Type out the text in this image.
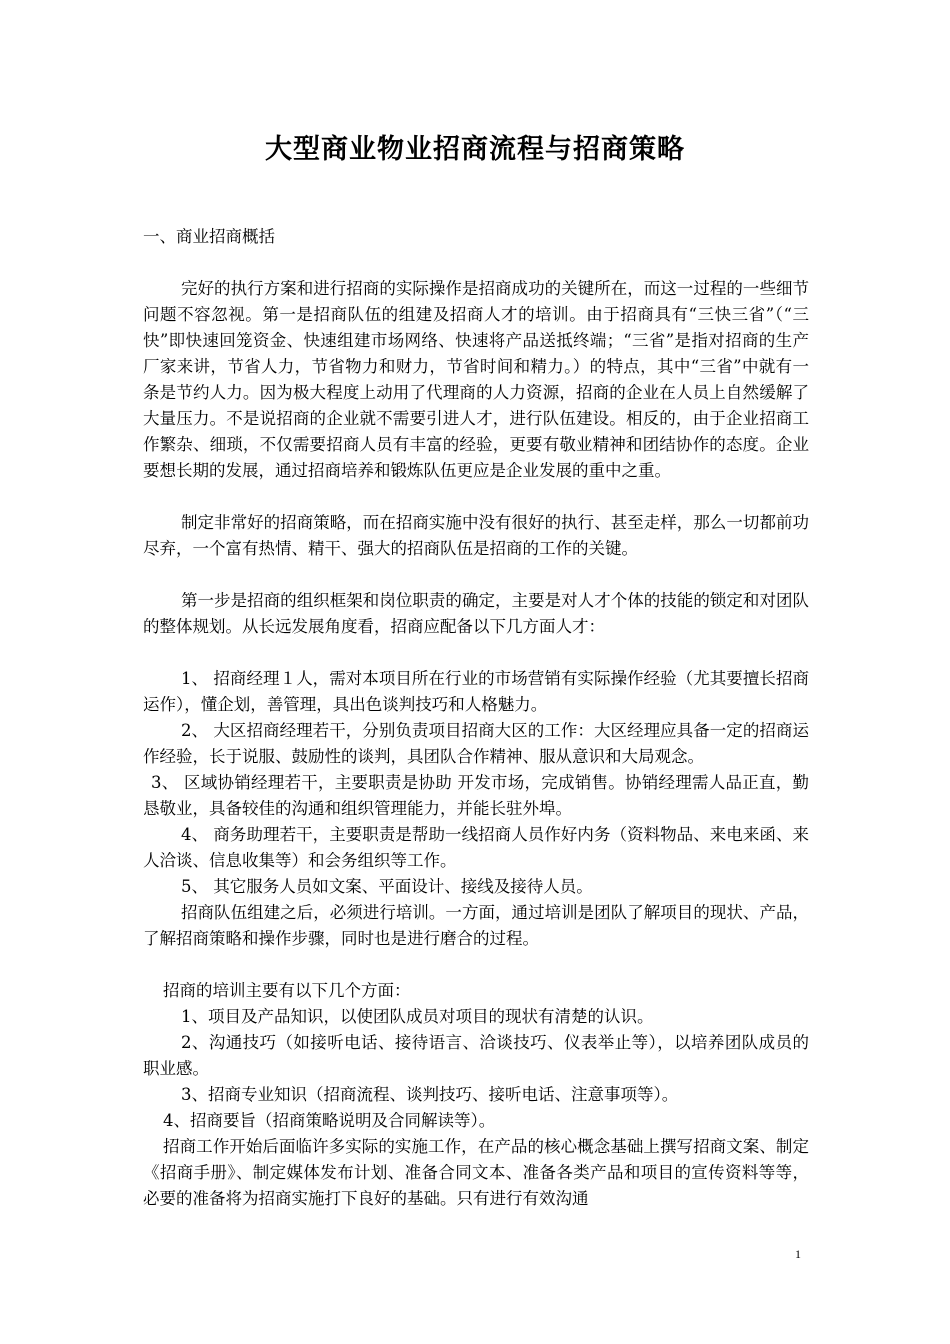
大型商业物业招商流程与招商策略

一、商业招商概括

完好的执行方案和进行招商的实际操作是招商成功的关键所在，而这一过程的一些细节问题不容忽视。第一是招商队伍的组建及招商人才的培训。由于招商具有“三快三省”（“三快”即快速回笼资金、快速组建市场网络、快速将产品送抵终端；“三省”是指对招商的生产厂家来讲，节省人力，节省物力和财力，节省时间和精力。）的特点，其中“三省”中就有一条是节约人力。因为极大程度上动用了代理商的人力资源，招商的企业在人员上自然缓解了大量压力。不是说招商的企业就不需要引进人才，进行队伍建设。相反的，由于企业招商工作繁杂、细琐，不仅需要招商人员有丰富的经验，更要有敬业精神和团结协作的态度。企业要想长期的发展，通过招商培养和锻炼队伍更应是企业发展的重中之重。

制定非常好的招商策略，而在招商实施中没有很好的执行、甚至走样，那么一切都前功尽弃，一个富有热情、精干、强大的招商队伍是招商的工作的关键。

第一步是招商的组织框架和岗位职责的确定，主要是对人才个体的技能的锁定和对团队的整体规划。从长远发展角度看，招商应配备以下几方面人才：

1、 招商经理１人，需对本项目所在行业的市场营销有实际操作经验（尤其要擅长招商运作），懂企划，善管理，具出色谈判技巧和人格魅力。

2、 大区招商经理若干，分别负责项目招商大区的工作：大区经理应具备一定的招商运作经验，长于说服、鼓励性的谈判，具团队合作精神、服从意识和大局观念。

3、 区域协销经理若干，主要职责是协助 开发市场，完成销售。协销经理需人品正直，勤恳敬业，具备较佳的沟通和组织管理能力，并能长驻外埠。

4、 商务助理若干，主要职责是帮助一线招商人员作好内务（资料物品、来电来函、来人洽谈、信息收集等）和会务组织等工作。

5、 其它服务人员如文案、平面设计、接线及接待人员。

招商队伍组建之后，必须进行培训。一方面，通过培训是团队了解项目的现状、产品，了解招商策略和操作步骤，同时也是进行磨合的过程。

招商的培训主要有以下几个方面：

1、项目及产品知识，以使团队成员对项目的现状有清楚的认识。

2、沟通技巧（如接听电话、接待语言、洽谈技巧、仪表举止等），以培养团队成员的职业感。

3、招商专业知识（招商流程、谈判技巧、接听电话、注意事项等）。

4、招商要旨（招商策略说明及合同解读等）。

招商工作开始后面临许多实际的实施工作，在产品的核心概念基础上撰写招商文案、制定《招商手册》、制定媒体发布计划、准备合同文本、准备各类产品和项目的宣传资料等等，必要的准备将为招商实施打下良好的基础。只有进行有效沟通

1
